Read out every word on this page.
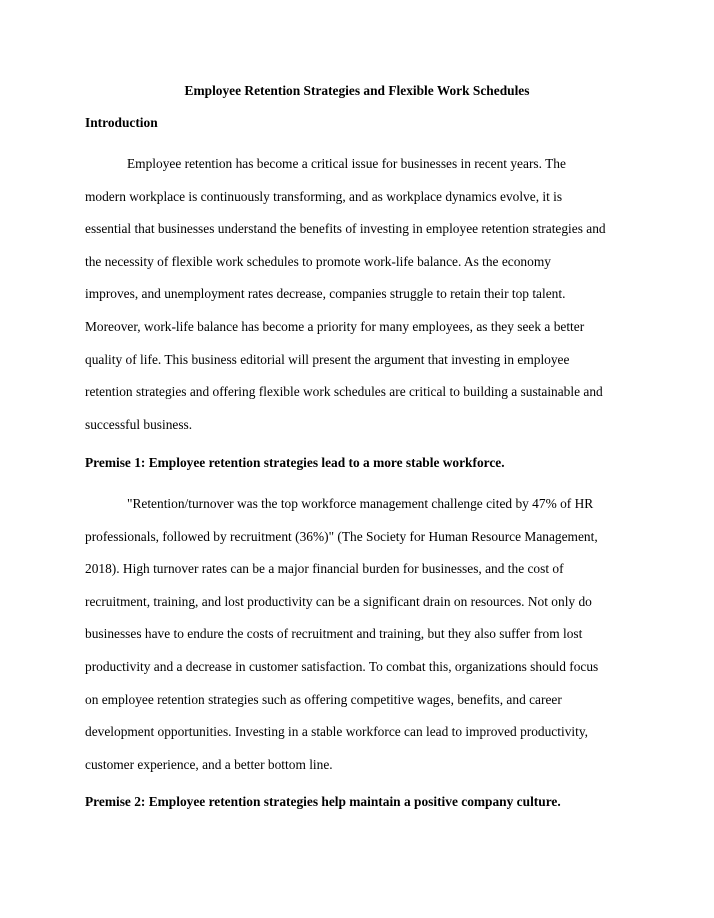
Employee Retention Strategies and Flexible Work Schedules
Introduction
Employee retention has become a critical issue for businesses in recent years. The
modern workplace is continuously transforming, and as workplace dynamics evolve, it is
essential that businesses understand the benefits of investing in employee retention strategies and
the necessity of flexible work schedules to promote work-life balance. As the economy
improves, and unemployment rates decrease, companies struggle to retain their top talent.
Moreover, work-life balance has become a priority for many employees, as they seek a better
quality of life. This business editorial will present the argument that investing in employee
retention strategies and offering flexible work schedules are critical to building a sustainable and
successful business.
Premise 1: Employee retention strategies lead to a more stable workforce.
"Retention/turnover was the top workforce management challenge cited by 47% of HR
professionals, followed by recruitment (36%)" (The Society for Human Resource Management,
2018). High turnover rates can be a major financial burden for businesses, and the cost of
recruitment, training, and lost productivity can be a significant drain on resources. Not only do
businesses have to endure the costs of recruitment and training, but they also suffer from lost
productivity and a decrease in customer satisfaction. To combat this, organizations should focus
on employee retention strategies such as offering competitive wages, benefits, and career
development opportunities. Investing in a stable workforce can lead to improved productivity,
customer experience, and a better bottom line.
Premise 2: Employee retention strategies help maintain a positive company culture.
